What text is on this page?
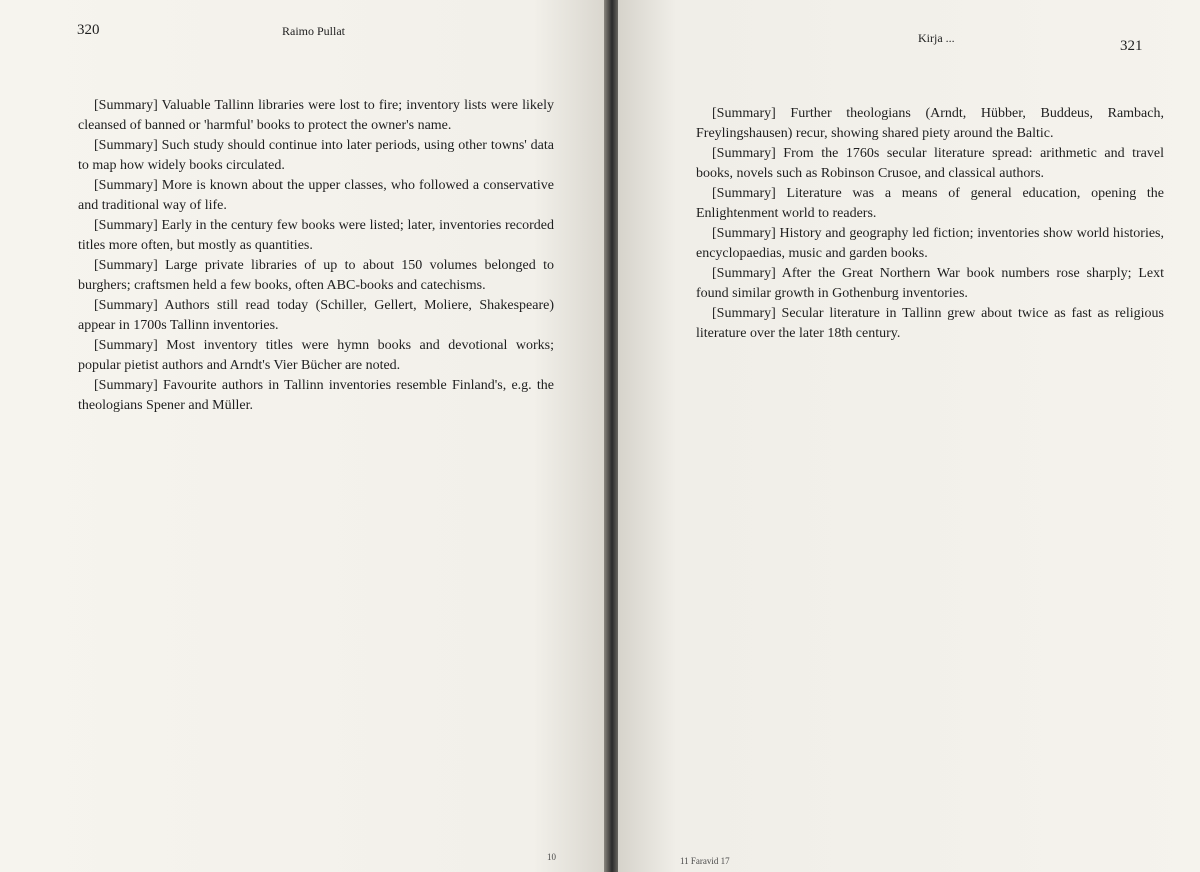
320	Raimo Pullat

[Summary] Valuable Tallinn libraries were lost to fire; inventory lists were likely cleansed of banned or 'harmful' books to protect the owner's name.

[Summary] Such study should continue into later periods, using other towns' data to map how widely books circulated.

[Summary] More is known about the upper classes, who followed a conservative and traditional way of life.

[Summary] Early in the century few books were listed; later, inventories recorded titles more often, but mostly as quantities.

[Summary] Large private libraries of up to about 150 volumes belonged to burghers; craftsmen held a few books, often ABC-books and catechisms.

[Summary] Authors still read today (Schiller, Gellert, Moliere, Shakespeare) appear in 1700s Tallinn inventories.

[Summary] Most inventory titles were hymn books and devotional works; popular pietist authors and Arndt's Vier Bücher are noted.

[Summary] Favourite authors in Tallinn inventories resemble Finland's, e.g. the theologians Spener and Müller.

10
Kirja ...	321

[Summary] Further theologians (Arndt, Hübber, Buddeus, Rambach, Freylingshausen) recur, showing shared piety around the Baltic.

[Summary] From the 1760s secular literature spread: arithmetic and travel books, novels such as Robinson Crusoe, and classical authors.

[Summary] Literature was a means of general education, opening the Enlightenment world to readers.

[Summary] History and geography led fiction; inventories show world histories, encyclopaedias, music and garden books.

[Summary] After the Great Northern War book numbers rose sharply; Lext found similar growth in Gothenburg inventories.

[Summary] Secular literature in Tallinn grew about twice as fast as religious literature over the later 18th century.

11 Faravid 17
